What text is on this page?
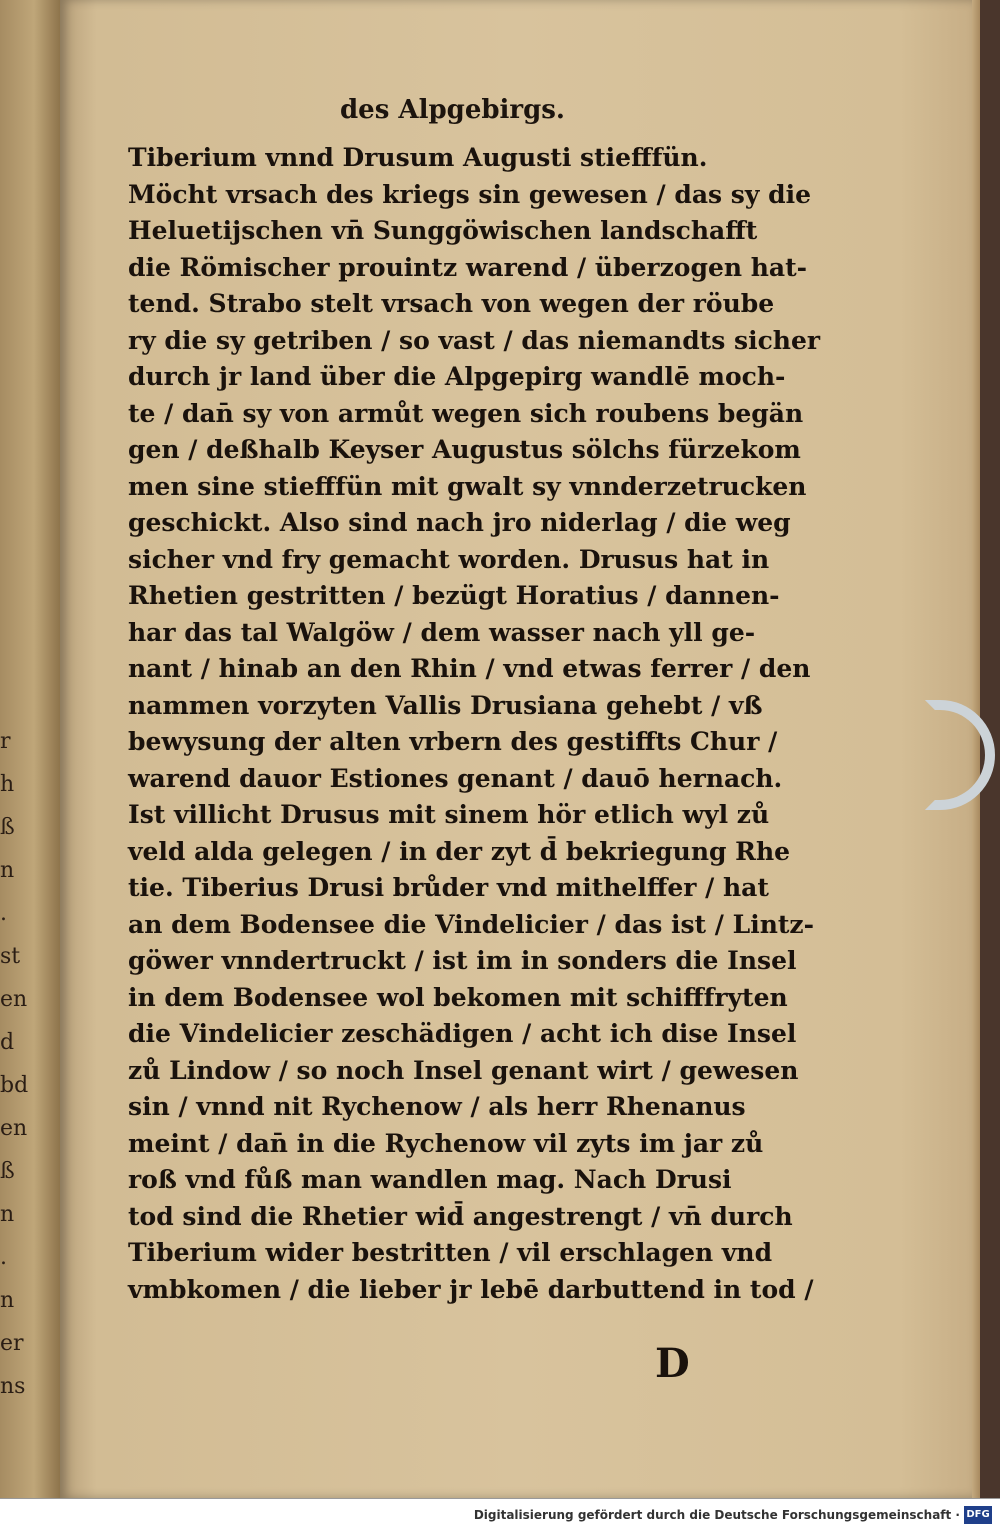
r
h
ß
n
.
st
en
d
bd
en
ß
n
.
n
er
ns
des Alpgebirgs.
Tiberium vnnd Drusum Augusti stiefffün.
Möcht vrsach des kriegs sin gewesen / das sy die
Heluetijschen vn̄ Sunggöwischen landschafft
die Römischer prouintz warend / überzogen hat-
tend. Strabo stelt vrsach von wegen der röube
ry die sy getriben / so vast / das niemandts sicher
durch jr land über die Alpgepirg wandlē moch-
te / dan̄ sy von armůt wegen sich roubens begän
gen / deßhalb Keyser Augustus sölchs fürzekom
men sine stiefffün mit gwalt sy vnnderzetrucken
geschickt. Also sind nach jro niderlag / die weg
sicher vnd fry gemacht worden. Drusus hat in
Rhetien gestritten / bezügt Horatius / dannen-
har das tal Walgöw / dem wasser nach yll ge-
nant / hinab an den Rhin / vnd etwas ferrer / den
nammen vorzyten Vallis Drusiana gehebt / vß
bewysung der alten vrbern des gestiffts Chur /
warend dauor Estiones genant / dauō hernach.
Ist villicht Drusus mit sinem hör etlich wyl zů
veld alda gelegen / in der zyt d̄ bekriegung Rhe
tie. Tiberius Drusi brůder vnd mithelffer / hat
an dem Bodensee die Vindelicier / das ist / Lintz-
göwer vnndertruckt / ist im in sonders die Insel
in dem Bodensee wol bekomen mit schifffryten
die Vindelicier zeschädigen / acht ich dise Insel
zů Lindow / so noch Insel genant wirt / gewesen
sin / vnnd nit Rychenow / als herr Rhenanus
meint / dan̄ in die Rychenow vil zyts im jar zů
roß vnd fůß man wandlen mag. Nach Drusi
tod sind die Rhetier wid̄ angestrengt / vn̄ durch
Tiberium wider bestritten / vil erschlagen vnd
vmbkomen / die lieber jr lebē darbuttend in tod /
D
Digitalisierung gefördert durch die Deutsche Forschungsgemeinschaft · DFG
